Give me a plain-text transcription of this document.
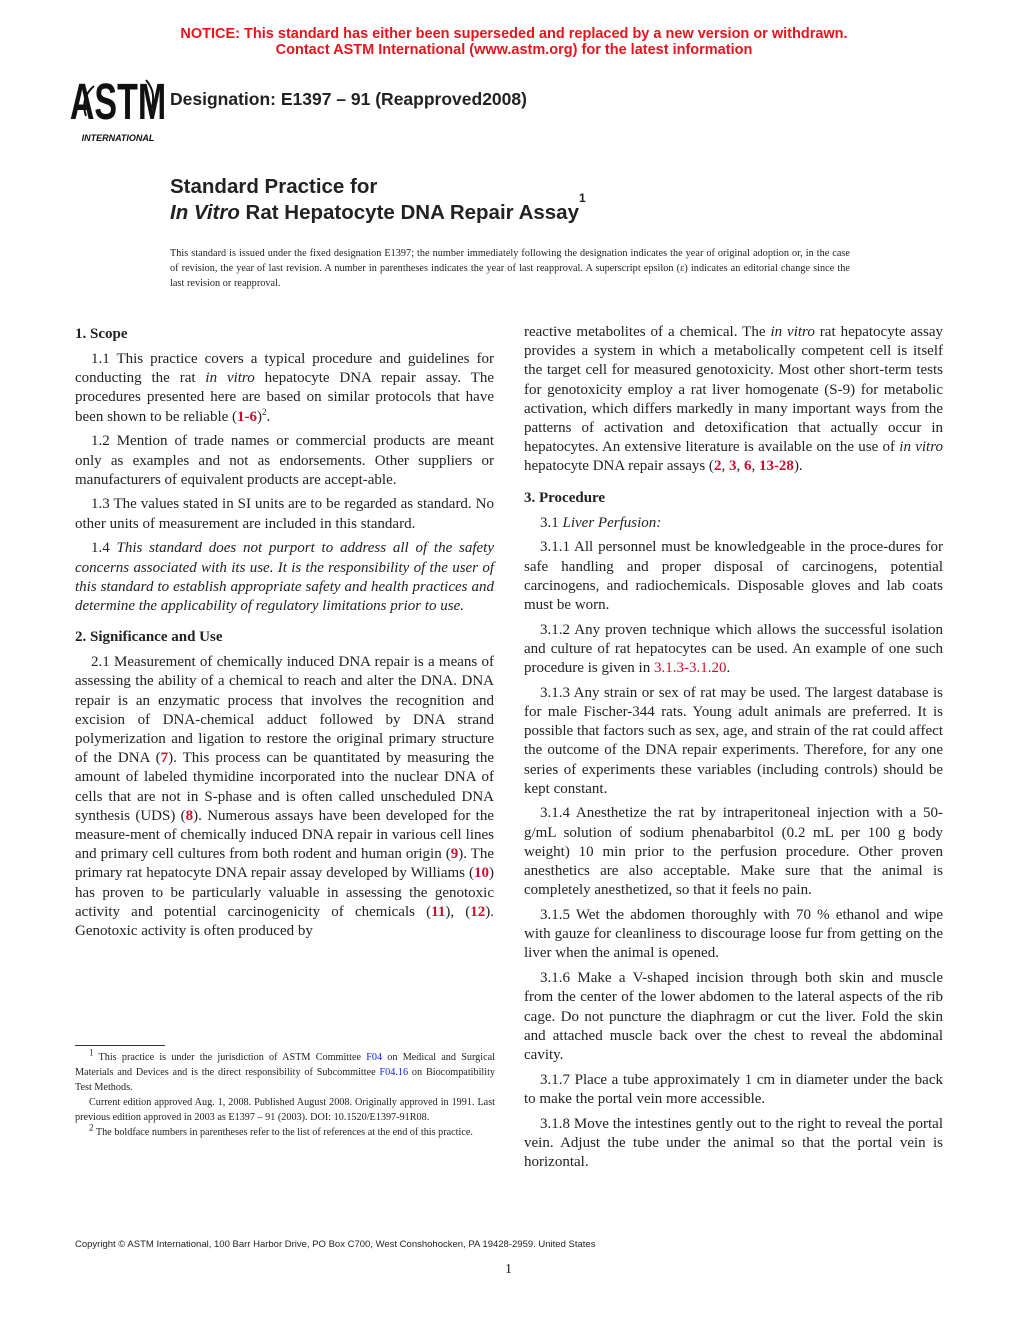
NOTICE: This standard has either been superseded and replaced by a new version or withdrawn.
Contact ASTM International (www.astm.org) for the latest information
ASTM
INTERNATIONAL
Designation: E1397 – 91 (Reapproved2008)
Standard Practice for
In Vitro Rat Hepatocyte DNA Repair Assay$^1$
This standard is issued under the fixed designation E1397; the number immediately following the designation indicates the year of original adoption or, in the case of revision, the year of last revision. A number in parentheses indicates the year of last reapproval. A superscript epsilon (ε) indicates an editorial change since the last revision or reapproval.
1. Scope

1.1 This practice covers a typical procedure and guidelines for conducting the rat in vitro hepatocyte DNA repair assay. The procedures presented here are based on similar protocols that have been shown to be reliable $(1-6)^2$.

1.2 Mention of trade names or commercial products are meant only as examples and not as endorsements. Other suppliers or manufacturers of equivalent products are accept-able.

1.3 The values stated in SI units are to be regarded as standard. No other units of measurement are included in this standard.

1.4 This standard does not purport to address all of the safety concerns associated with its use. It is the responsibility of the user of this standard to establish appropriate safety and health practices and determine the applicability of regulatory limitations prior to use.

2. Significance and Use

2.1 Measurement of chemically induced DNA repair is a means of assessing the ability of a chemical to reach and alter the DNA. DNA repair is an enzymatic process that involves the recognition and excision of DNA-chemical adduct followed by DNA strand polymerization and ligation to restore the original primary structure of the DNA (7). This process can be quantitated by measuring the amount of labeled thymidine incorporated into the nuclear DNA of cells that are not in S-phase and is often called unscheduled DNA synthesis (UDS) (8). Numerous assays have been developed for the measure-ment of chemically induced DNA repair in various cell lines and primary cell cultures from both rodent and human origin (9). The primary rat hepatocyte DNA repair assay developed by Williams (10) has proven to be particularly valuable in assessing the genotoxic activity and potential carcinogenicity of chemicals (11), (12). Genotoxic activity is often produced by

reactive metabolites of a chemical. The in vitro rat hepatocyte assay provides a system in which a metabolically competent cell is itself the target cell for measured genotoxicity. Most other short-term tests for genotoxicity employ a rat liver homogenate (S-9) for metabolic activation, which differs markedly in many important ways from the patterns of activation and detoxification that actually occur in hepatocytes. An extensive literature is available on the use of in vitro hepatocyte DNA repair assays (2, 3, 6, 13-28).

3. Procedure

3.1 Liver Perfusion:

3.1.1 All personnel must be knowledgeable in the proce-dures for safe handling and proper disposal of carcinogens, potential carcinogens, and radiochemicals. Disposable gloves and lab coats must be worn.

3.1.2 Any proven technique which allows the successful isolation and culture of rat hepatocytes can be used. An example of one such procedure is given in 3.1.3-3.1.20.

3.1.3 Any strain or sex of rat may be used. The largest database is for male Fischer-344 rats. Young adult animals are preferred. It is possible that factors such as sex, age, and strain of the rat could affect the outcome of the DNA repair experiments. Therefore, for any one series of experiments these variables (including controls) should be kept constant.

3.1.4 Anesthetize the rat by intraperitoneal injection with a 50-g/mL solution of sodium phenabarbitol (0.2 mL per 100 g body weight) 10 min prior to the perfusion procedure. Other proven anesthetics are also acceptable. Make sure that the animal is completely anesthetized, so that it feels no pain.

3.1.5 Wet the abdomen thoroughly with 70 % ethanol and wipe with gauze for cleanliness to discourage loose fur from getting on the liver when the animal is opened.

3.1.6 Make a V-shaped incision through both skin and muscle from the center of the lower abdomen to the lateral aspects of the rib cage. Do not puncture the diaphragm or cut the liver. Fold the skin and attached muscle back over the chest to reveal the abdominal cavity.

3.1.7 Place a tube approximately 1 cm in diameter under the back to make the portal vein more accessible.

3.1.8 Move the intestines gently out to the right to reveal the portal vein. Adjust the tube under the animal so that the portal vein is horizontal.

$^1$ This practice is under the jurisdiction of ASTM Committee F04 on Medical and Surgical Materials and Devices and is the direct responsibility of Subcommittee F04.16 on Biocompatibility Test Methods.

Current edition approved Aug. 1, 2008. Published August 2008. Originally approved in 1991. Last previous edition approved in 2003 as E1397 – 91 (2003). DOI: 10.1520/E1397-91R08.

$^2$ The boldface numbers in parentheses refer to the list of references at the end of this practice.

Copyright © ASTM International, 100 Barr Harbor Drive, PO Box C700, West Conshohocken, PA 19428-2959. United States
1
